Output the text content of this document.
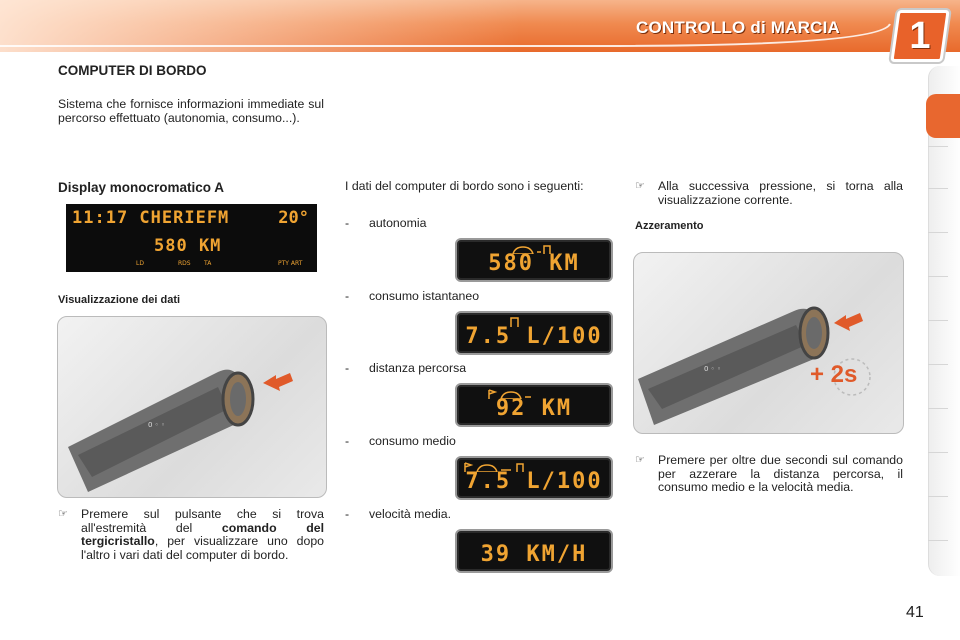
CONTROLLO di MARCIA	1
COMPUTER DI BORDO
Sistema che fornisce informazioni immediate sul percorso effettuato (autonomia, consumo...).
Display monocromatico A
11:17 CHERIEFM	20°
580 KM
LD	RDS TA	PTY ART
Visualizzazione dei dati
0 ◦ ◦
☞ Premere sul pulsante che si trova all'estremità del comando del tergicristallo, per visualizzare uno dopo l'altro i vari dati del computer di bordo.
I dati del computer di bordo sono i seguenti:
- autonomia
580 KM
- consumo istantaneo
7.5 L/100
- distanza percorsa
92 KM
- consumo medio
7.5 L/100
- velocità media.
39 KM/H
☞ Alla successiva pressione, si torna alla visualizzazione corrente.
Azzeramento
0 ◦ ◦	+ 2s
☞ Premere per oltre due secondi sul comando per azzerare la distanza percorsa, il consumo medio e la velocità media.
41
